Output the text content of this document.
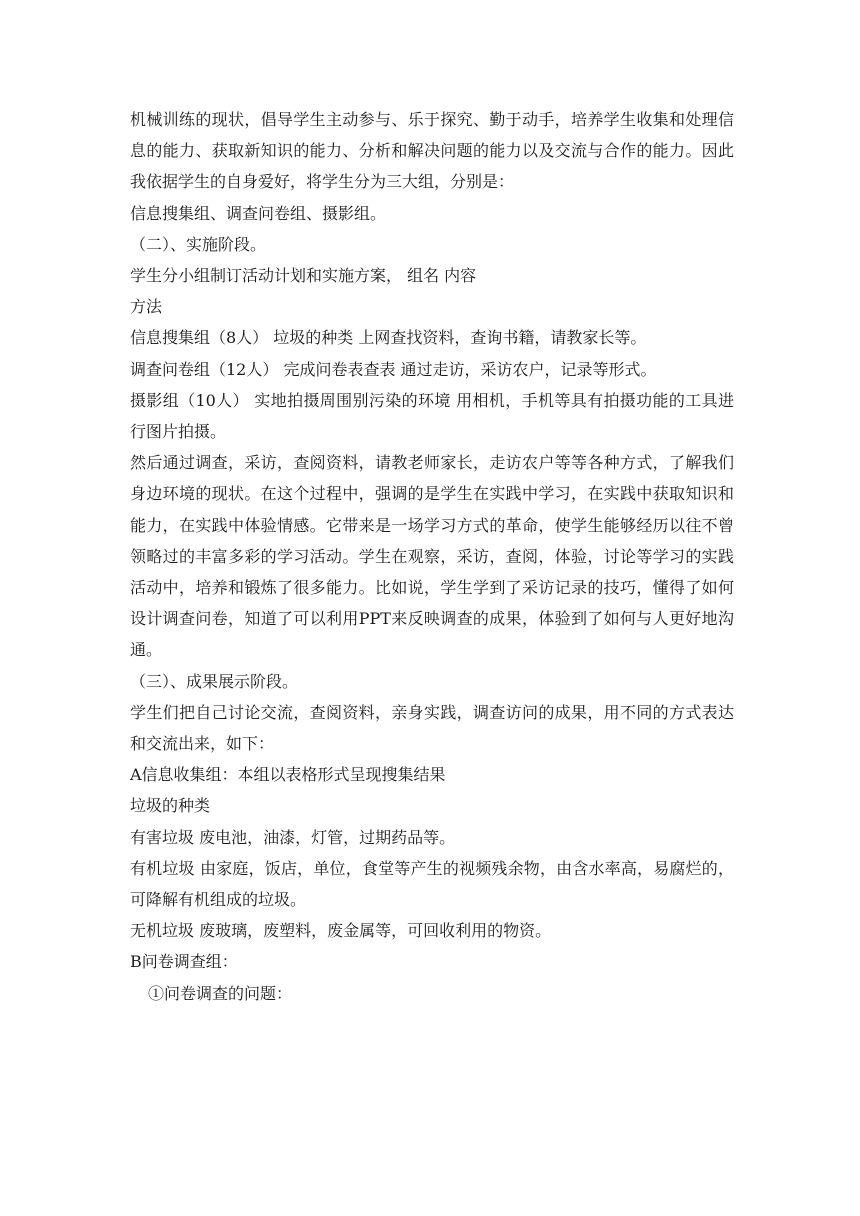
机械训练的现状，倡导学生主动参与、乐于探究、勤于动手，培养学生收集和处理信息的能力、获取新知识的能力、分析和解决问题的能力以及交流与合作的能力。因此我依据学生的自身爱好，将学生分为三大组，分别是：

信息搜集组、调查问卷组、摄影组。

（二）、实施阶段。

学生分小组制订活动计划和实施方案， 组名 内容

方法

信息搜集组（8人） 垃圾的种类 上网查找资料，查询书籍，请教家长等。

调查问卷组（12人） 完成问卷表查表 通过走访，采访农户，记录等形式。

摄影组（10人） 实地拍摄周围别污染的环境 用相机，手机等具有拍摄功能的工具进行图片拍摄。

然后通过调查，采访，查阅资料，请教老师家长，走访农户等等各种方式，了解我们身边环境的现状。在这个过程中，强调的是学生在实践中学习，在实践中获取知识和能力，在实践中体验情感。它带来是一场学习方式的革命，使学生能够经历以往不曾领略过的丰富多彩的学习活动。学生在观察，采访，查阅，体验，讨论等学习的实践活动中，培养和锻炼了很多能力。比如说，学生学到了采访记录的技巧，懂得了如何设计调查问卷，知道了可以利用PPT来反映调查的成果，体验到了如何与人更好地沟通。

（三）、成果展示阶段。

学生们把自己讨论交流，查阅资料，亲身实践，调查访问的成果，用不同的方式表达和交流出来，如下：

A信息收集组：本组以表格形式呈现搜集结果

垃圾的种类

有害垃圾 废电池，油漆，灯管，过期药品等。

有机垃圾 由家庭，饭店，单位，食堂等产生的视频残余物，由含水率高，易腐烂的，可降解有机组成的垃圾。

无机垃圾 废玻璃，废塑料，废金属等，可回收利用的物资。

B问卷调查组：

①问卷调查的问题：
